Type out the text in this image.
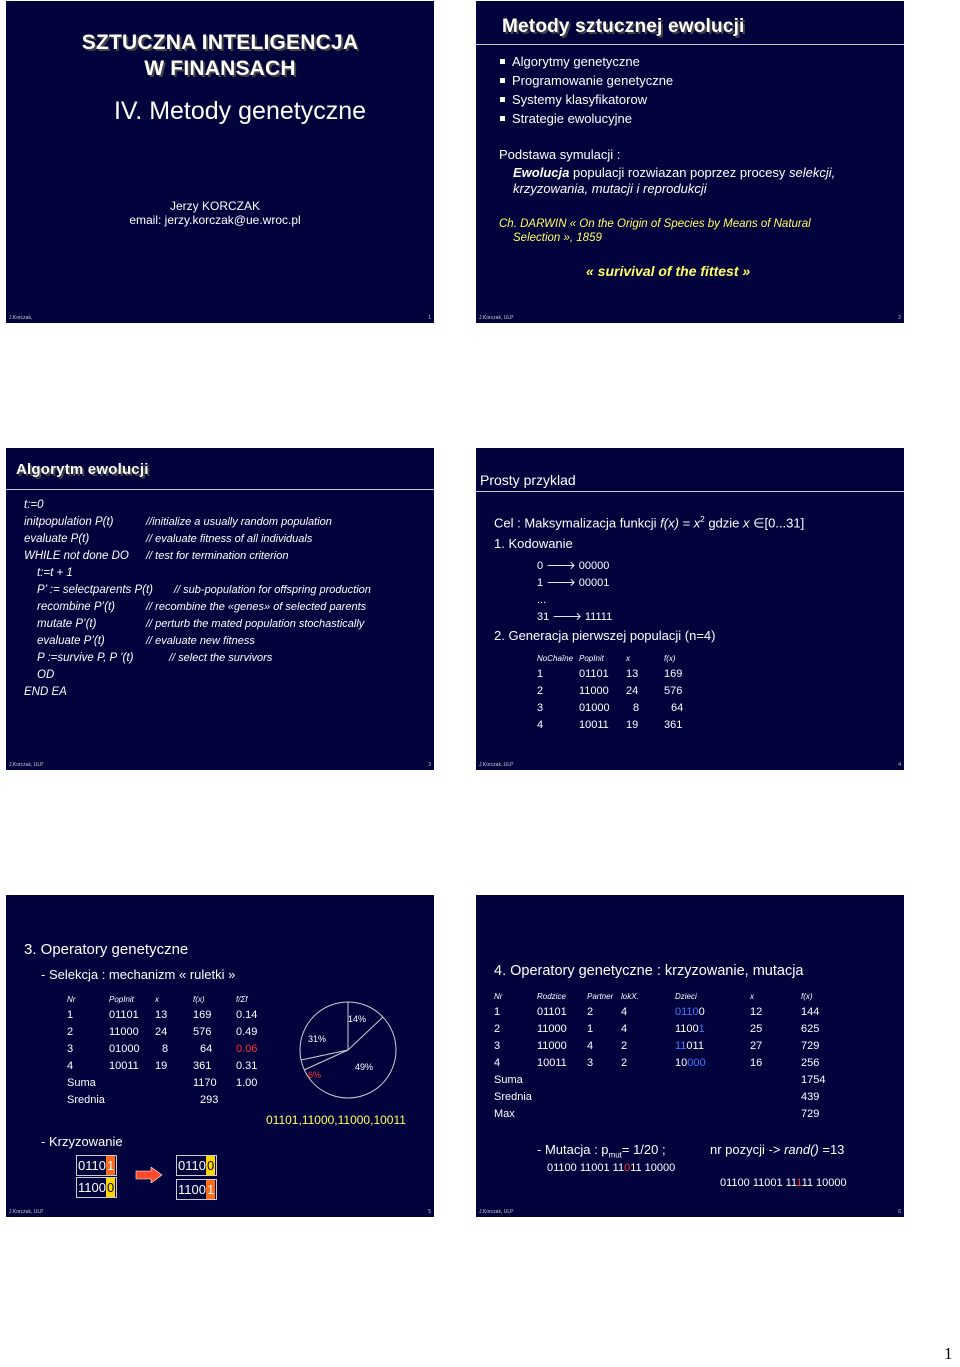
SZTUCZNA INTELIGENCJA
W FINANSACH
IV. Metody genetyczne
Jerzy KORCZAK
email: jerzy.korczak@ue.wroc.pl
J.Korczak,	1
Metody sztucznej ewolucji
Algorytmy genetyczne
Programowanie genetyczne
Systemy klasyfikatorow
Strategie ewolucyjne
Podstawa symulacji :
Ewolucja populacji rozwiazan poprzez procesy selekcji,
krzyzowania, mutacji i reprodukcji
Ch. DARWIN « On the Origin of Species by Means of Natural
Selection », 1859
« surivival of the fittest »
J.Korczak, ULP	2
Algorytm ewolucji
t:=0
initpopulation P(t)	//initialize a usually random population
evaluate P(t)	// evaluate fitness of all individuals
WHILE not done DO // test for termination criterion
t:=t + 1
P’ := selectparents P(t) // sub-population for offspring production
recombine P’(t)	// recombine the «genes» of selected parents
mutate P’(t)	// perturb the mated population stochastically
evaluate P’(t)	// evaluate new fitness
P :=survive P, P ’(t)	// select the survivors
OD
END EA
J.Korczak, ULP	3
Prosty przyklad
Cel : Maksymalizacja funkcji $f(x) = x^2$ gdzie x ∈[0...31]
1. Kodowanie
0 🡒 00000
1 🡒 00001
...
31 🡒 11111
2. Generacja pierwszej populacji (n=4)
NoChaîne	PopInit	x	f(x)
1	01101	13	169
2	11000	24	576
3	01000	8	64
4	10011	19	361
J.Korczak, ULP	4
3. Operatory genetyczne
- Selekcja : mechanizm « ruletki »
Nr	PopInit	x	f(x)	f/Σf
1	01101	13	169	0.14
2	11000	24	576	0.49
3	01000	8	64	0.06
4	10011	19	361	0.31
Suma			1170	1.00
Srednia			293	
14%
49%
6%
31%
01101,11000,11000,10011
- Krzyzowanie
01101
11000
01100
11001
J.Korczak, ULP	5
4. Operatory genetyczne : krzyzowanie, mutacja
Nr	Rodzice	Partner	lokX.	Dzieci	x	f(x)
1	01101	2	4	01100	12	144
2	11000	1	4	11001	25	625
3	11000	4	2	11011	27	729
4	10011	3	2	10000	16	256
Suma						1754
Srednia						439
Max						729
- Mutacja : $p_{mut}= 1/20$ ;	nr pozycji -> rand() =13
01100 11001 11011 10000
01100 11001 11111 10000
J.Korczak, ULP	6
1
